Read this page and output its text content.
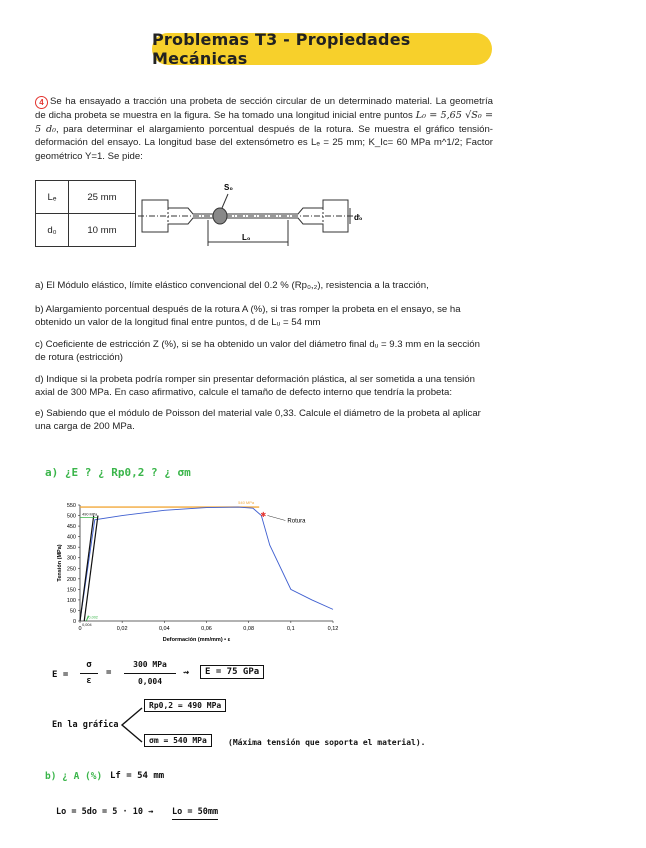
Problemas T3 - Propiedades Mecánicas
4 Se ha ensayado a tracción una probeta de sección circular de un determinado material. La geometría de dicha probeta se muestra en la figura. Se ha tomado una longitud inicial entre puntos L₀ = 5,65 √S₀ = 5 d₀, para determinar el alargamiento porcentual después de la rotura. Se muestra el gráfico tensión-deformación del ensayo. La longitud base del extensómetro es Lₑ = 25 mm; K_Ic= 60 MPa m^1/2; Factor geométrico Y=1. Se pide:
Lₑ	25 mm
d₀	10 mm
S₀
d₀
L₀
a) El Módulo elástico, límite elástico convencional del 0.2 % (Rp₀,₂), resistencia a la tracción,
b) Alargamiento porcentual después de la rotura A (%), si tras romper la probeta en el ensayo, se ha obtenido un valor de la longitud final entre puntos, d de Lᵤ = 54 mm
c) Coeficiente de estricción Z (%), si se ha obtenido un valor del diámetro final dᵤ = 9.3 mm en la sección de rotura (estricción)
d) Indique si la probeta podría romper sin presentar deformación plástica, al ser sometida a una tensión axial de 300 MPa. En caso afirmativo, calcule el tamaño de defecto interno que tendría la probeta:
e) Sabiendo que el módulo de Poisson del material vale 0,33. Calcule el diámetro de la probeta al aplicar una carga de 200 MPa.
a) ¿E ? ¿ Rp0,2 ? ¿ σm
0
50
100
150
200
250
300
350
400
450
500
550
0	0,02	0,04	0,06	0,08	0,1	0,12
Deformación (mm/mm) • ε
Tensión (MPa)
540 MPa
490 MPa
0,002
0,004
✱
Rotura
E =
σ
ε
=
300 MPa
0,004
⇝	E = 75 GPa
En la gráfica
Rp0,2 = 490 MPa
σm = 540 MPa	(Máxima tensión que soporta el material).
b) ¿ A (%) Lf = 54 mm
Lo = 5do = 5 · 10 ⇝ Lo = 50mm
